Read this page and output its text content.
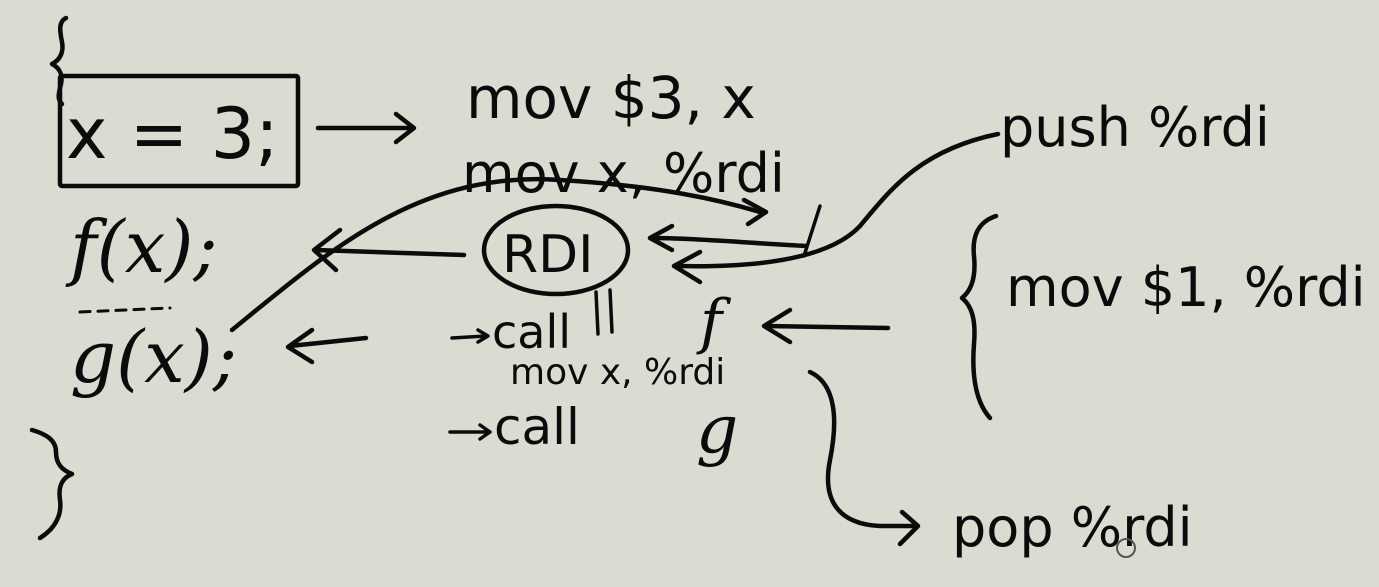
x = 3;
f(x);
g(x);
mov $3, x
mov x, %rdi
RDI
call f
mov x, %rdi
call g
push %rdi
mov $1, %rdi
pop %rdi
